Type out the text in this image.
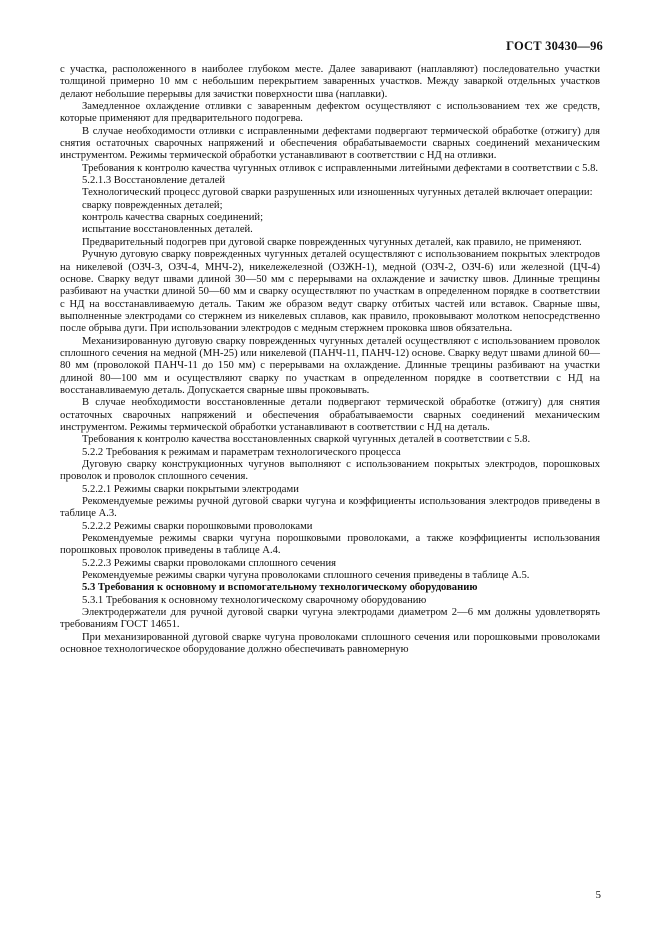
ГОСТ 30430—96

с участка, расположенного в наиболее глубоком месте. Далее заваривают (наплавляют) последовательно участки толщиной примерно 10 мм с небольшим перекрытием заваренных участков. Между заваркой отдельных участков делают небольшие перерывы для зачистки поверхности шва (наплавки).

Замедленное охлаждение отливки с заваренным дефектом осуществляют с использованием тех же средств, которые применяют для предварительного подогрева.

В случае необходимости отливки с исправленными дефектами подвергают термической обработке (отжигу) для снятия остаточных сварочных напряжений и обеспечения обрабатываемости сварных соединений механическим инструментом. Режимы термической обработки устанавливают в соответствии с НД на отливки.

Требования к контролю качества чугунных отливок с исправленными литейными дефектами в соответствии с 5.8.

5.2.1.3 Восстановление деталей

Технологический процесс дуговой сварки разрушенных или изношенных чугунных деталей включает операции:

сварку поврежденных деталей;

контроль качества сварных соединений;

испытание восстановленных деталей.

Предварительный подогрев при дуговой сварке поврежденных чугунных деталей, как правило, не применяют.

Ручную дуговую сварку поврежденных чугунных деталей осуществляют с использованием покрытых электродов на никелевой (ОЗЧ-3, ОЗЧ-4, МНЧ-2), никележелезной (ОЗЖН-1), медной (ОЗЧ-2, ОЗЧ-6) или железной (ЦЧ-4) основе. Сварку ведут швами длиной 30—50 мм с перерывами на охлаждение и зачистку швов. Длинные трещины разбивают на участки длиной 50—60 мм и сварку осуществляют по участкам в определенном порядке в соответствии с НД на восстанавливаемую деталь. Таким же образом ведут сварку отбитых частей или вставок. Сварные швы, выполненные электродами со стержнем из никелевых сплавов, как правило, проковывают молотком непосредственно после обрыва дуги. При использовании электродов с медным стержнем проковка швов обязательна.

Механизированную дуговую сварку поврежденных чугунных деталей осуществляют с использованием проволок сплошного сечения на медной (МН-25) или никелевой (ПАНЧ-11, ПАНЧ-12) основе. Сварку ведут швами длиной 60—80 мм (проволокой ПАНЧ-11 до 150 мм) с перерывами на охлаждение. Длинные трещины разбивают на участки длиной 80—100 мм и осуществляют сварку по участкам в определенном порядке в соответствии с НД на восстанавливаемую деталь. Допускается сварные швы проковывать.

В случае необходимости восстановленные детали подвергают термической обработке (отжигу) для снятия остаточных сварочных напряжений и обеспечения обрабатываемости сварных соединений механическим инструментом. Режимы термической обработки устанавливают в соответствии с НД на деталь.

Требования к контролю качества восстановленных сваркой чугунных деталей в соответствии с 5.8.

5.2.2 Требования к режимам и параметрам технологического процесса

Дуговую сварку конструкционных чугунов выполняют с использованием покрытых электродов, порошковых проволок и проволок сплошного сечения.

5.2.2.1 Режимы сварки покрытыми электродами

Рекомендуемые режимы ручной дуговой сварки чугуна и коэффициенты использования электродов приведены в таблице А.3.

5.2.2.2 Режимы сварки порошковыми проволоками

Рекомендуемые режимы сварки чугуна порошковыми проволоками, а также коэффициенты использования порошковых проволок приведены в таблице А.4.

5.2.2.3 Режимы сварки проволоками сплошного сечения

Рекомендуемые режимы сварки чугуна проволоками сплошного сечения приведены в таблице А.5.

5.3 Требования к основному и вспомогательному технологическому оборудованию

5.3.1 Требования к основному технологическому сварочному оборудованию

Электродержатели для ручной дуговой сварки чугуна электродами диаметром 2—6 мм должны удовлетворять требованиям ГОСТ 14651.

При механизированной дуговой сварке чугуна проволоками сплошного сечения или порошковыми проволоками основное технологическое оборудование должно обеспечивать равномерную

5
